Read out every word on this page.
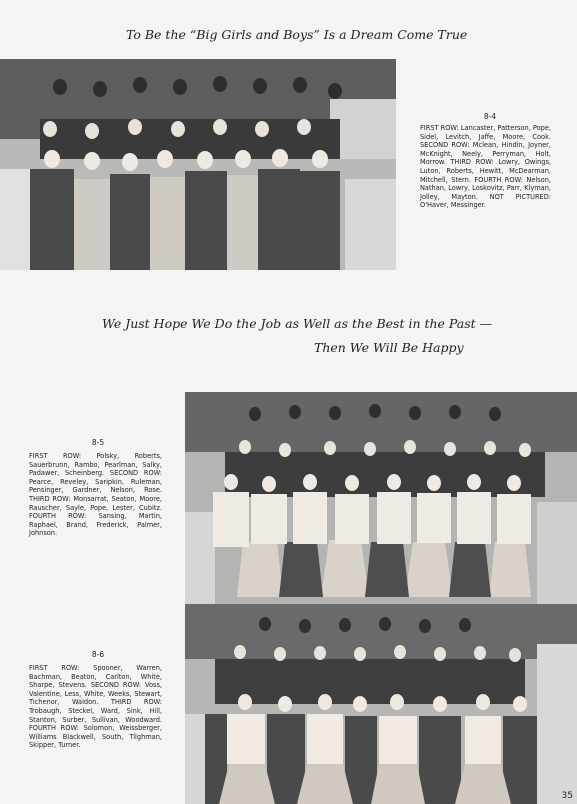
To Be the “Big Girls and Boys” Is a Dream Come True
8-4
FIRST ROW: Lancaster, Patterson, Pope, Sidel, Levitch, Jaffe, Moore, Cook. SECOND ROW: Mclean, Hindin, Joyner, McKnight, Neely, Perryman, Holt, Morrow. THIRD ROW: Lowry, Owings, Luton, Roberts, Hewitt, McDearman, Mitchell, Stern. FOURTH ROW: Nelson, Nathan, Lowry, Loskovitz, Parr, Klyman, Jolley, Mayton. NOT PICTURED: O'Haver, Messinger.
We Just Hope We Do the Job as Well as the Best in the Past —
Then We Will Be Happy
8-5
FIRST ROW: Polsky, Roberts, Sauerbrunn, Rambo, Pearlman, Salky, Padawer, Scheinberg. SECOND ROW: Pearce, Reveley, Saripkin, Ruleman, Pensinger, Gardner, Nelson, Rose. THIRD ROW: Monsarrat, Seaton, Moore, Rauscher, Sayle, Pope, Lester, Cubitz. FOURTH ROW: Sansing, Martin, Raphael, Brand, Frederick, Palmer, Johnson.
8-6
FIRST ROW: Spooner, Warren, Bachman, Beaton, Carlton, White, Sharpe, Stevens. SECOND ROW: Voss, Valentine, Less, White, Weeks, Stewart, Tichenor, Waldon. THIRD ROW: Trobaugh, Steckel, Ward, Sink, Hill, Stanton, Surber, Sullivan, Woodward. FOURTH ROW: Solomon, Weissberger, Williams Blackwell, South, Tilghman, Skipper, Turner.
35
